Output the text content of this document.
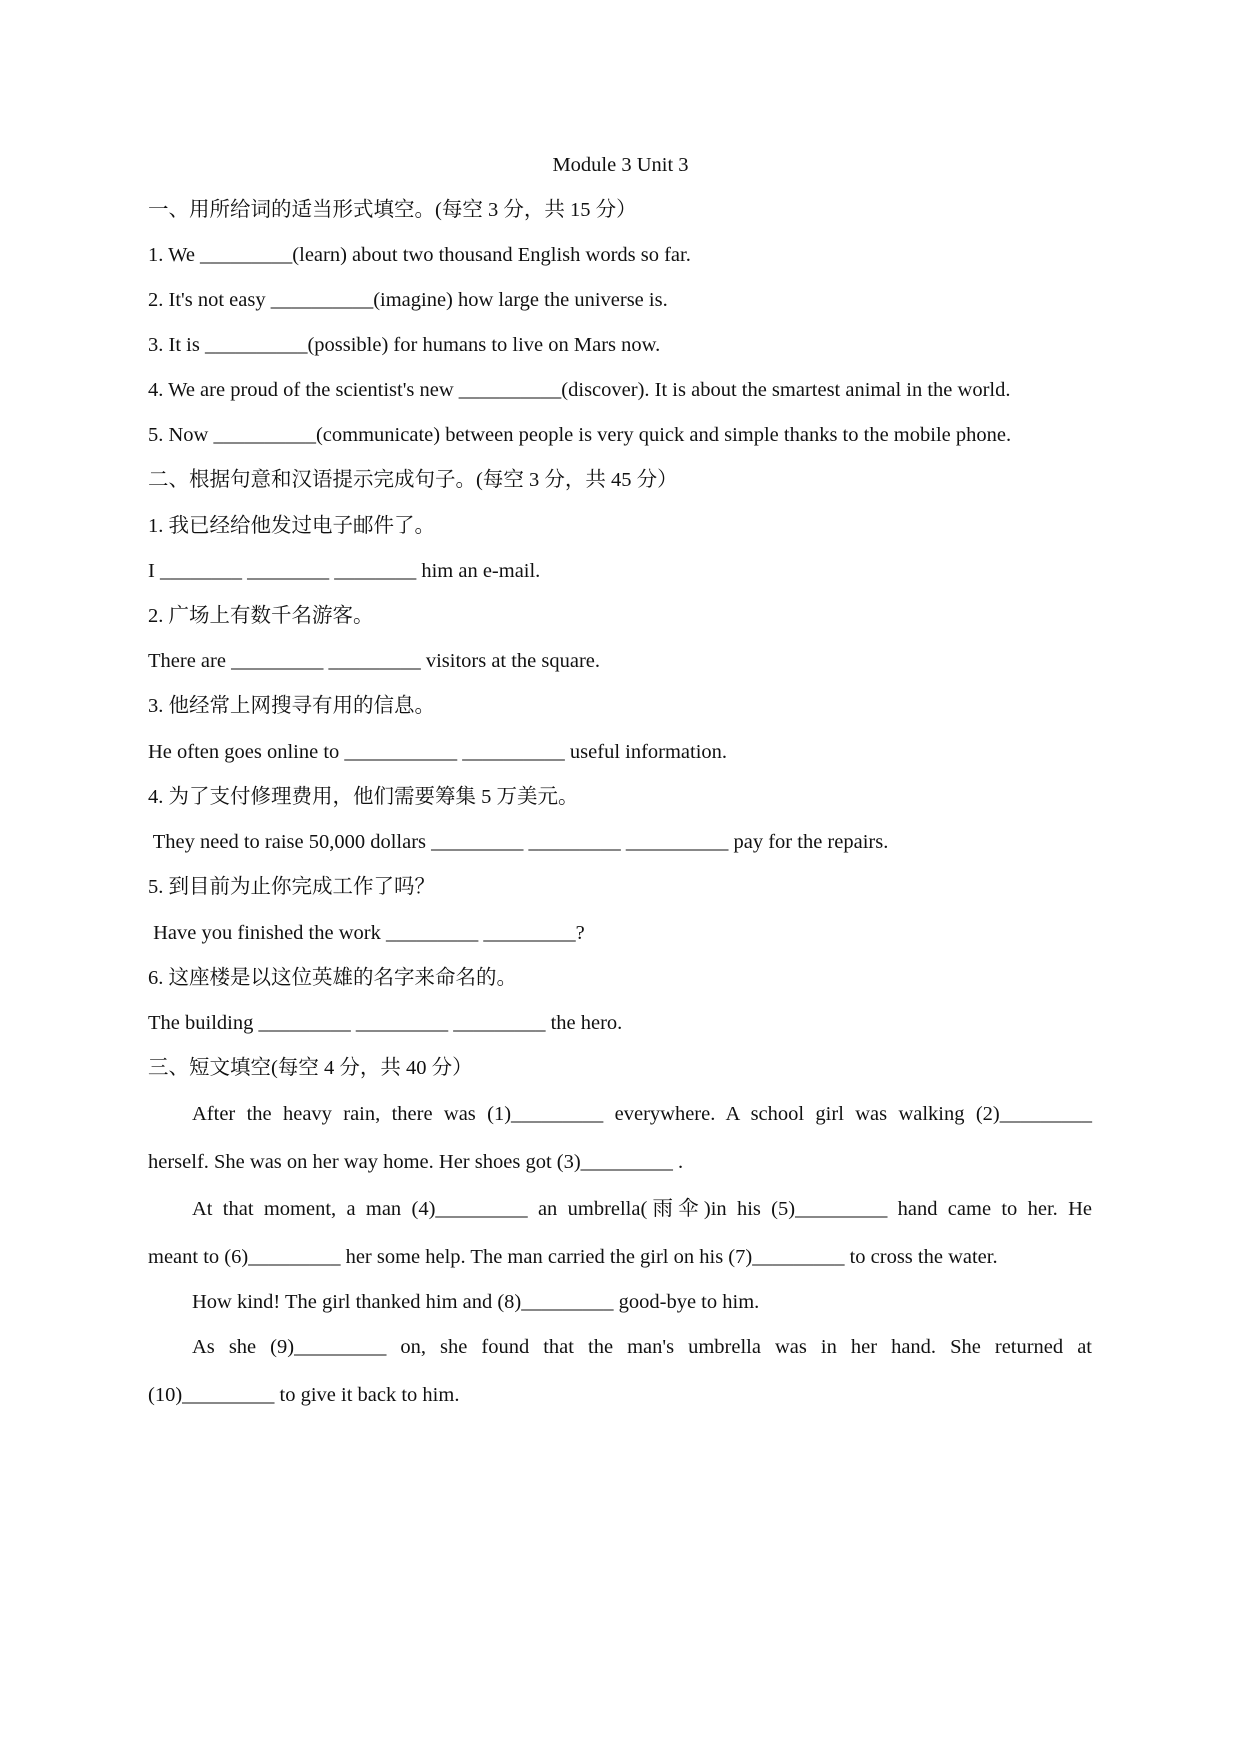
Module 3 Unit 3
一、用所给词的适当形式填空。(每空 3 分，共 15 分）
1. We _________(learn) about two thousand English words so far.
2. It's not easy __________(imagine) how large the universe is.
3. It is __________(possible) for humans to live on Mars now.
4. We are proud of the scientist's new __________(discover). It is about the smartest animal in the world.
5. Now __________(communicate) between people is very quick and simple thanks to the mobile phone.
二、根据句意和汉语提示完成句子。(每空 3 分，共 45 分）
1. 我已经给他发过电子邮件了。
I ________ ________ ________ him an e-mail.
2. 广场上有数千名游客。
There are _________ _________ visitors at the square.
3. 他经常上网搜寻有用的信息。
He often goes online to ___________ __________ useful information.
4. 为了支付修理费用，他们需要筹集 5 万美元。
They need to raise 50,000 dollars _________ _________ __________ pay for the repairs.
5. 到目前为止你完成工作了吗？
Have you finished the work _________ _________?
6. 这座楼是以这位英雄的名字来命名的。
The building _________ _________ _________ the hero.
三、短文填空(每空 4 分，共 40 分）
After the heavy rain, there was (1)_________ everywhere. A school girl was walking (2)_________
herself. She was on her way home. Her shoes got (3)_________ .
At that moment, a man (4)_________ an umbrella(雨伞)in his (5)_________ hand came to her. He
meant to (6)_________ her some help. The man carried the girl on his (7)_________ to cross the water.
How kind! The girl thanked him and (8)_________ good-bye to him.
As she (9)_________ on, she found that the man's umbrella was in her hand. She returned at
(10)_________ to give it back to him.
